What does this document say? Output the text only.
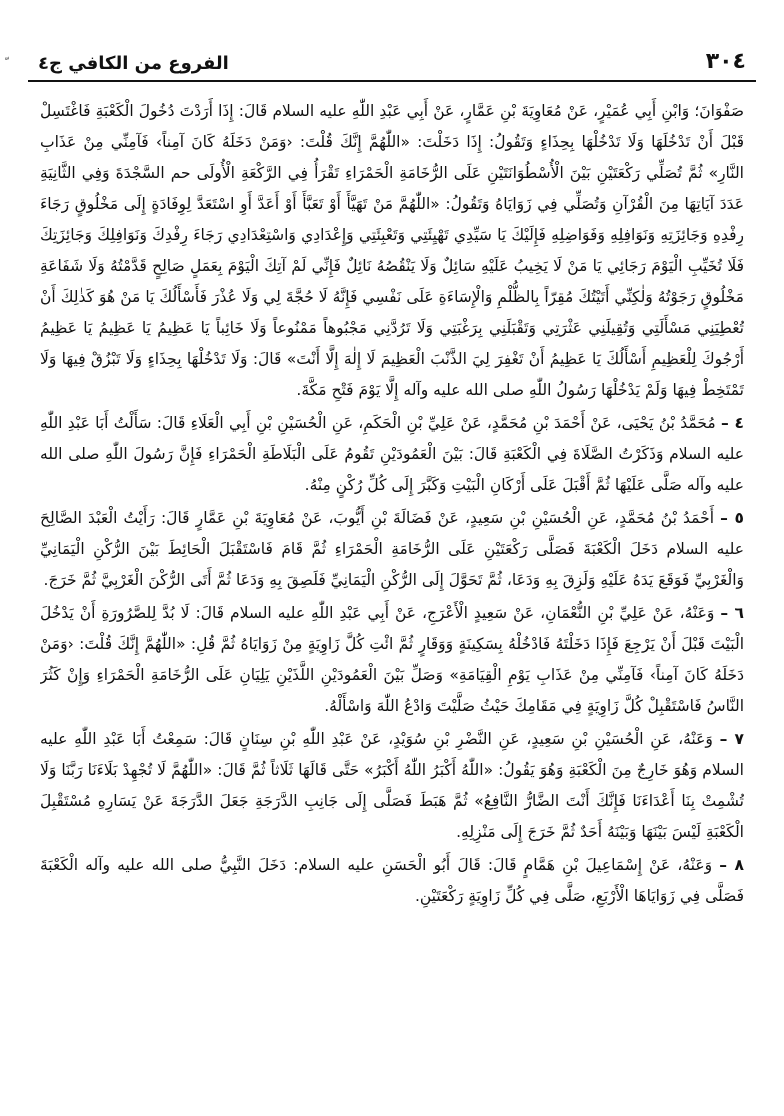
٣٠٤
الفروع من الكافي ج٤

صَفْوَانَ؛ وَابْنِ أَبِي عُمَيْرٍ، عَنْ مُعَاوِيَةَ بْنِ عَمَّارٍ، عَنْ أَبِي عَبْدِ اللّٰهِ عليه السلام قَالَ: إِذَا أَرَدْتَ دُخُولَ الْكَعْبَةِ فَاغْتَسِلْ قَبْلَ أَنْ تَدْخُلَهَا وَلَا تَدْخُلْهَا بِحِذَاءٍ وَتَقُولُ: إِذَا دَخَلْتَ: «اللّٰهُمَّ إِنَّكَ قُلْتَ: ‹وَمَنْ دَخَلَهُ كَانَ آمِناً› فَآمِنِّي مِنْ عَذَابِ النَّارِ» ثُمَّ تُصَلِّي رَكْعَتَيْنِ بَيْنَ الْأُسْطُوَانَتَيْنِ عَلَى الرُّخَامَةِ الْحَمْرَاءِ تَقْرَأُ فِي الرَّكْعَةِ الْأُولَى حم السَّجْدَةَ وَفِي الثَّانِيَةِ عَدَدَ آيَاتِهَا مِنَ الْقُرْآنِ وَتُصَلِّي فِي زَوَايَاهُ وَتَقُولُ: «اللّٰهُمَّ مَنْ تَهَيَّأَ أَوْ تَعَبَّأَ أَوْ أَعَدَّ أَوِ اسْتَعَدَّ لِوِفَادَةٍ إِلَى مَخْلُوقٍ رَجَاءَ رِفْدِهِ وَجَائِزَتِهِ وَنَوَافِلِهِ وَفَوَاضِلِهِ فَإِلَيْكَ يَا سَيِّدِي تَهْيِئَتِي وَتَعْبِئَتِي وَإِعْدَادِي وَاسْتِعْدَادِي رَجَاءَ رِفْدِكَ وَنَوَافِلِكَ وَجَائِزَتِكَ فَلَا تُخَيِّبِ الْيَوْمَ رَجَائِي يَا مَنْ لَا يَخِيبُ عَلَيْهِ سَائِلٌ وَلَا يَنْقُصُهُ نَائِلٌ فَإِنِّي لَمْ آتِكَ الْيَوْمَ بِعَمَلٍ صَالِحٍ قَدَّمْتُهُ وَلَا شَفَاعَةِ مَخْلُوقٍ رَجَوْتُهُ وَلٰكِنِّي أَتَيْتُكَ مُقِرّاً بِالظُّلْمِ وَالْإِسَاءَةِ عَلَى نَفْسِي فَإِنَّهُ لَا حُجَّةَ لِي وَلَا عُذْرَ فَأَسْأَلُكَ يَا مَنْ هُوَ كَذٰلِكَ أَنْ تُعْطِيَنِي مَسْأَلَتِي وَتُقِيلَنِي عَثْرَتِي وَتَقْبَلَنِي بِرَغْبَتِي وَلَا تَرُدَّنِي مَجْبُوهاً مَمْنُوعاً وَلَا خَائِباً يَا عَظِيمُ يَا عَظِيمُ يَا عَظِيمُ أَرْجُوكَ لِلْعَظِيمِ أَسْأَلُكَ يَا عَظِيمُ أَنْ تَغْفِرَ لِيَ الذَّنْبَ الْعَظِيمَ لَا إِلٰهَ إِلَّا أَنْتَ» قَالَ: وَلَا تَدْخُلْهَا بِحِذَاءٍ وَلَا تَبْزُقْ فِيهَا وَلَا تَمْتَخِطْ فِيهَا وَلَمْ يَدْخُلْهَا رَسُولُ اللّٰهِ صلى الله عليه وآله إِلَّا يَوْمَ فَتْحِ مَكَّةَ.

٤ – مُحَمَّدُ بْنُ يَحْيَى، عَنْ أَحْمَدَ بْنِ مُحَمَّدٍ، عَنْ عَلِيِّ بْنِ الْحَكَمِ، عَنِ الْحُسَيْنِ بْنِ أَبِي الْعَلَاءِ قَالَ: سَأَلْتُ أَبَا عَبْدِ اللّٰهِ عليه السلام وَذَكَرْتُ الصَّلَاةَ فِي الْكَعْبَةِ قَالَ: بَيْنَ الْعَمُودَيْنِ تَقُومُ عَلَى الْبَلَاطَةِ الْحَمْرَاءِ فَإِنَّ رَسُولَ اللّٰهِ صلى الله عليه وآله صَلَّى عَلَيْهَا ثُمَّ أَقْبَلَ عَلَى أَرْكَانِ الْبَيْتِ وَكَبَّرَ إِلَى كُلِّ رُكْنٍ مِنْهُ.

٥ – أَحْمَدُ بْنُ مُحَمَّدٍ، عَنِ الْحُسَيْنِ بْنِ سَعِيدٍ، عَنْ فَضَالَةَ بْنِ أَيُّوبَ، عَنْ مُعَاوِيَةَ بْنِ عَمَّارٍ قَالَ: رَأَيْتُ الْعَبْدَ الصَّالِحَ عليه السلام دَخَلَ الْكَعْبَةَ فَصَلَّى رَكْعَتَيْنِ عَلَى الرُّخَامَةِ الْحَمْرَاءِ ثُمَّ قَامَ فَاسْتَقْبَلَ الْحَائِطَ بَيْنَ الرُّكْنِ الْيَمَانِيِّ وَالْغَرْبِيِّ فَوَقَعَ يَدَهُ عَلَيْهِ وَلَزِقَ بِهِ وَدَعَا، ثُمَّ تَحَوَّلَ إِلَى الرُّكْنِ الْيَمَانِيِّ فَلَصِقَ بِهِ وَدَعَا ثُمَّ أَتَى الرُّكْنَ الْغَرْبِيَّ ثُمَّ خَرَجَ.

٦ – وَعَنْهُ، عَنْ عَلِيِّ بْنِ النُّعْمَانِ، عَنْ سَعِيدٍ الْأَعْرَجِ، عَنْ أَبِي عَبْدِ اللّٰهِ عليه السلام قَالَ: لَا بُدَّ لِلصَّرُورَةِ أَنْ يَدْخُلَ الْبَيْتَ قَبْلَ أَنْ يَرْجِعَ فَإِذَا دَخَلْتَهُ فَادْخُلْهُ بِسَكِينَةٍ وَوَقَارٍ ثُمَّ ائْتِ كُلَّ زَاوِيَةٍ مِنْ زَوَايَاهُ ثُمَّ قُلِ: «اللّٰهُمَّ إِنَّكَ قُلْتَ: ‹وَمَنْ دَخَلَهُ كَانَ آمِناً› فَآمِنِّي مِنْ عَذَابِ يَوْمِ الْقِيَامَةِ» وَصَلِّ بَيْنَ الْعَمُودَيْنِ اللَّذَيْنِ يَلِيَانِ عَلَى الرُّخَامَةِ الْحَمْرَاءِ وَإِنْ كَثُرَ النَّاسُ فَاسْتَقْبِلْ كُلَّ زَاوِيَةٍ فِي مَقَامِكَ حَيْثُ صَلَّيْتَ وَادْعُ اللّٰهَ وَاسْأَلْهُ.

٧ – وَعَنْهُ، عَنِ الْحُسَيْنِ بْنِ سَعِيدٍ، عَنِ النَّضْرِ بْنِ سُوَيْدٍ، عَنْ عَبْدِ اللّٰهِ بْنِ سِنَانٍ قَالَ: سَمِعْتُ أَبَا عَبْدِ اللّٰهِ عليه السلام وَهُوَ خَارِجٌ مِنَ الْكَعْبَةِ وَهُوَ يَقُولُ: «اللّٰهُ أَكْبَرُ اللّٰهُ أَكْبَرُ» حَتَّى قَالَهَا ثَلَاثاً ثُمَّ قَالَ: «اللّٰهُمَّ لَا تُجْهِدْ بَلَاءَنَا رَبَّنَا وَلَا تُشْمِتْ بِنَا أَعْدَاءَنَا فَإِنَّكَ أَنْتَ الضَّارُّ النَّافِعُ» ثُمَّ هَبَطَ فَصَلَّى إِلَى جَانِبِ الدَّرَجَةِ جَعَلَ الدَّرَجَةَ عَنْ يَسَارِهِ مُسْتَقْبِلَ الْكَعْبَةِ لَيْسَ بَيْنَهَا وَبَيْنَهُ أَحَدٌ ثُمَّ خَرَجَ إِلَى مَنْزِلِهِ.

٨ – وَعَنْهُ، عَنْ إِسْمَاعِيلَ بْنِ هَمَّامٍ قَالَ: قَالَ أَبُو الْحَسَنِ عليه السلام: دَخَلَ النَّبِيُّ صلى الله عليه وآله الْكَعْبَةَ فَصَلَّى فِي زَوَايَاهَا الْأَرْبَعِ، صَلَّى فِي كُلِّ زَاوِيَةٍ رَكْعَتَيْنِ.
